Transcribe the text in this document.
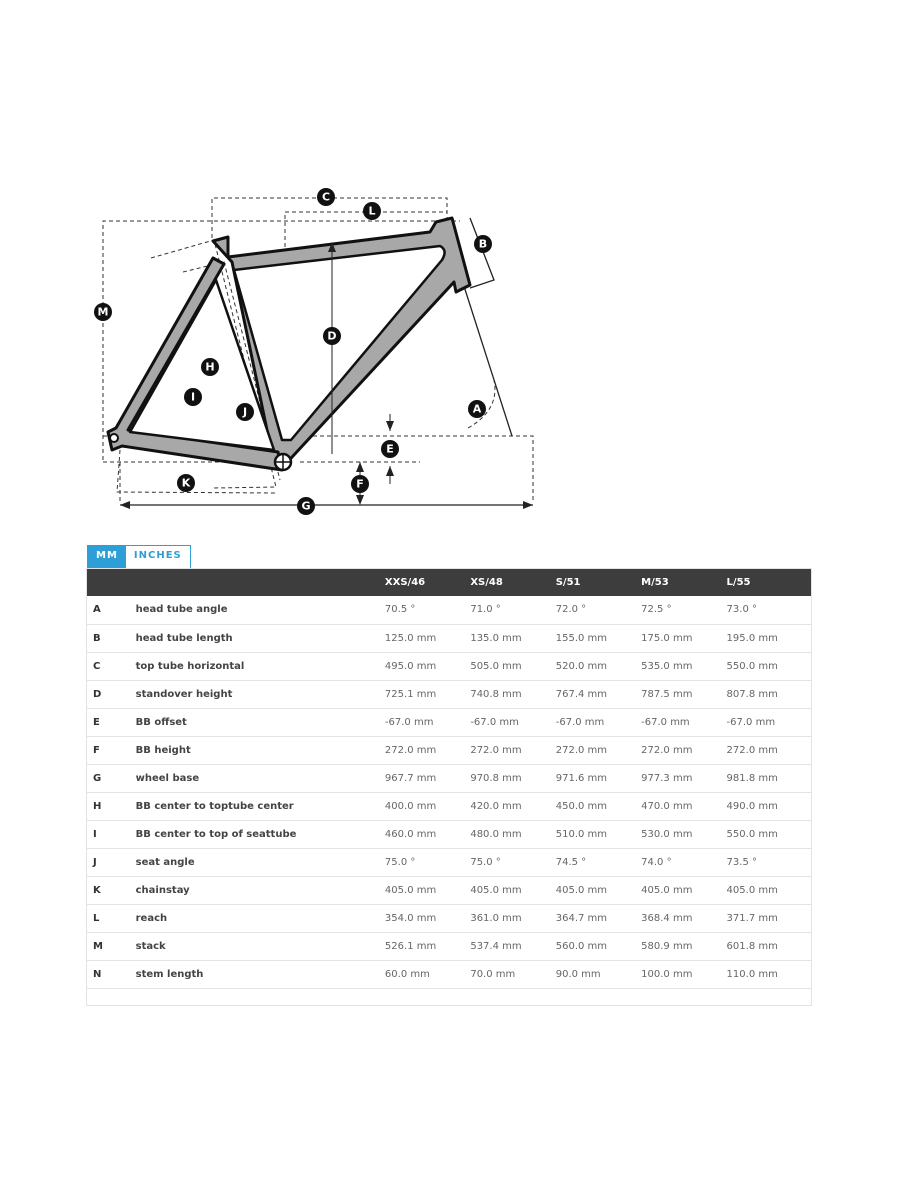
C
L
B
M
D
H
I
J	A
E
K	F
G
MM	INCHES
		XXS/46	XS/48	S/51	M/53	L/55
A	head tube angle	70.5 °	71.0 °	72.0 °	72.5 °	73.0 °
B	head tube length	125.0 mm	135.0 mm	155.0 mm	175.0 mm	195.0 mm
C	top tube horizontal	495.0 mm	505.0 mm	520.0 mm	535.0 mm	550.0 mm
D	standover height	725.1 mm	740.8 mm	767.4 mm	787.5 mm	807.8 mm
E	BB offset	-67.0 mm	-67.0 mm	-67.0 mm	-67.0 mm	-67.0 mm
F	BB height	272.0 mm	272.0 mm	272.0 mm	272.0 mm	272.0 mm
G	wheel base	967.7 mm	970.8 mm	971.6 mm	977.3 mm	981.8 mm
H	BB center to toptube center	400.0 mm	420.0 mm	450.0 mm	470.0 mm	490.0 mm
I	BB center to top of seattube	460.0 mm	480.0 mm	510.0 mm	530.0 mm	550.0 mm
J	seat angle	75.0 °	75.0 °	74.5 °	74.0 °	73.5 °
K	chainstay	405.0 mm	405.0 mm	405.0 mm	405.0 mm	405.0 mm
L	reach	354.0 mm	361.0 mm	364.7 mm	368.4 mm	371.7 mm
M	stack	526.1 mm	537.4 mm	560.0 mm	580.9 mm	601.8 mm
N	stem length	60.0 mm	70.0 mm	90.0 mm	100.0 mm	110.0 mm
